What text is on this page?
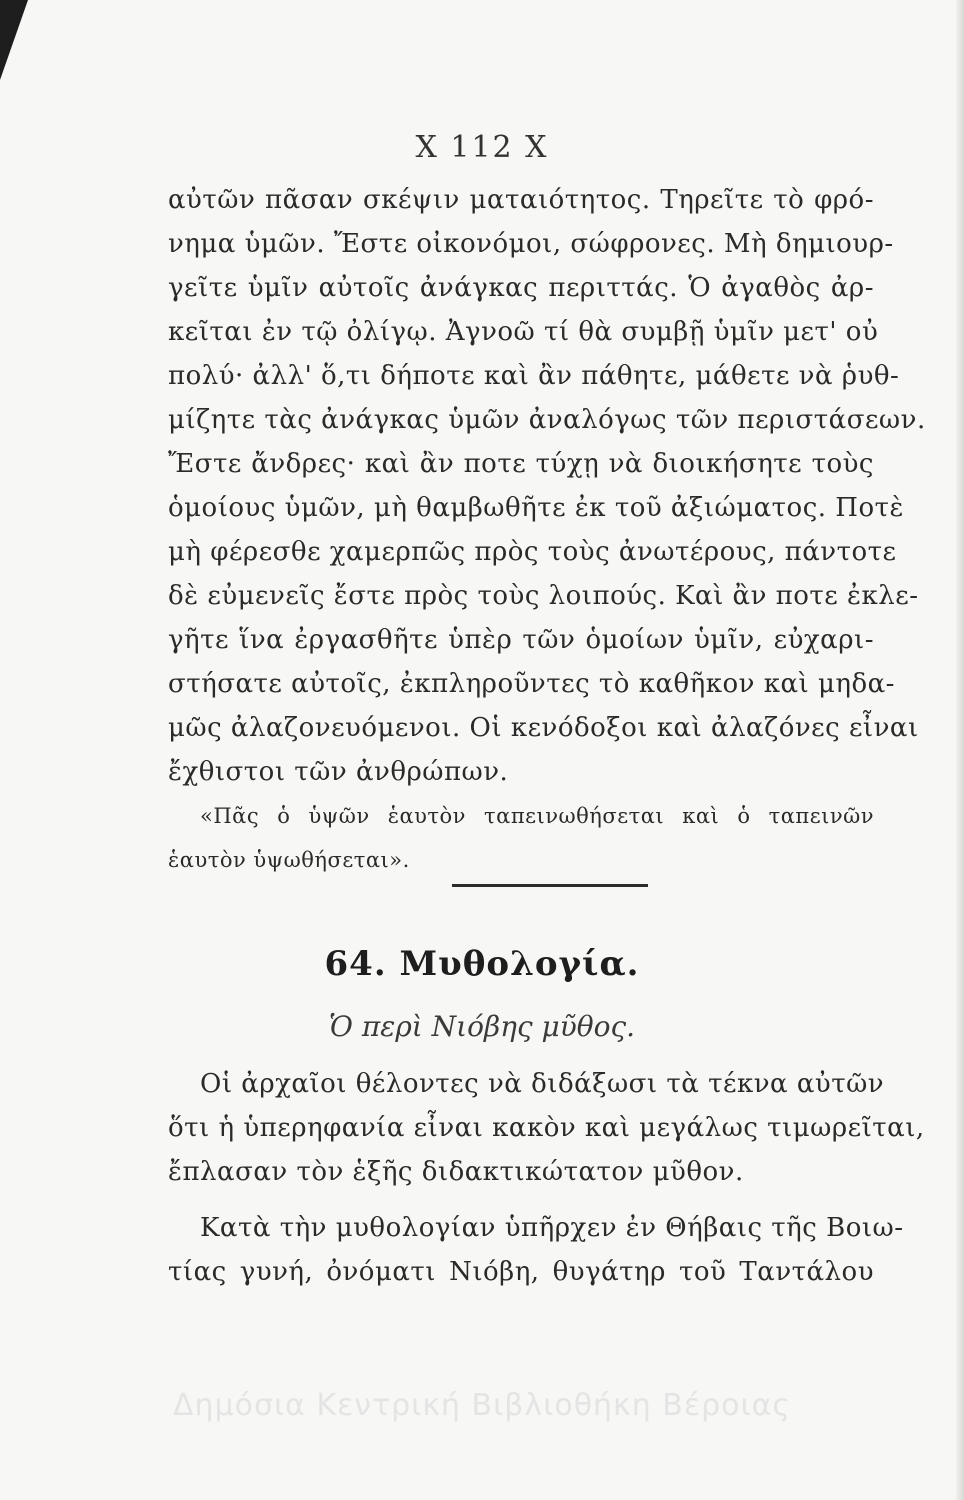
Χ 112 Χ
αὐτῶν πᾶσαν σκέψιν ματαιότητος. Τηρεῖτε τὸ φρό-
νημα ὑμῶν. Ἔστε οἰκονόμοι, σώφρονες. Μὴ δημιουρ-
γεῖτε ὑμῖν αὐτοῖς ἀνάγκας περιττάς. Ὁ ἀγαθὸς ἀρ-
κεῖται ἐν τῷ ὀλίγῳ. Ἀγνοῶ τί θὰ συμβῇ ὑμῖν μετ' οὐ
πολύ· ἀλλ' ὅ,τι δήποτε καὶ ἂν πάθητε, μάθετε νὰ ῥυθ-
μίζητε τὰς ἀνάγκας ὑμῶν ἀναλόγως τῶν περιστάσεων.
Ἔστε ἄνδρες· καὶ ἂν ποτε τύχῃ νὰ διοικήσητε τοὺς
ὁμοίους ὑμῶν, μὴ θαμβωθῆτε ἐκ τοῦ ἀξιώματος. Ποτὲ
μὴ φέρεσθε χαμερπῶς πρὸς τοὺς ἀνωτέρους, πάντοτε
δὲ εὐμενεῖς ἔστε πρὸς τοὺς λοιπούς. Καὶ ἂν ποτε ἐκλε-
γῆτε ἵνα ἐργασθῆτε ὑπὲρ τῶν ὁμοίων ὑμῖν, εὐχαρι-
στήσατε αὐτοῖς, ἐκπληροῦντες τὸ καθῆκον καὶ μηδα-
μῶς ἀλαζονευόμενοι. Οἱ κενόδοξοι καὶ ἀλαζόνες εἶναι
ἔχθιστοι τῶν ἀνθρώπων.
«Πᾶς ὁ ὑψῶν ἑαυτὸν ταπεινωθήσεται καὶ ὁ ταπεινῶν
ἑαυτὸν ὑψωθήσεται».
64. Μυθολογία.
Ὁ περὶ Νιόβης μῦθος.
Οἱ ἀρχαῖοι θέλοντες νὰ διδάξωσι τὰ τέκνα αὐτῶν
ὅτι ἡ ὑπερηφανία εἶναι κακὸν καὶ μεγάλως τιμωρεῖται,
ἔπλασαν τὸν ἑξῆς διδακτικώτατον μῦθον.
Κατὰ τὴν μυθολογίαν ὑπῆρχεν ἐν Θήβαις τῆς Βοιω-
τίας γυνή, ὀνόματι Νιόβη, θυγάτηρ τοῦ Ταντάλου
Δημόσια Κεντρική Βιβλιοθήκη Βέροιας
